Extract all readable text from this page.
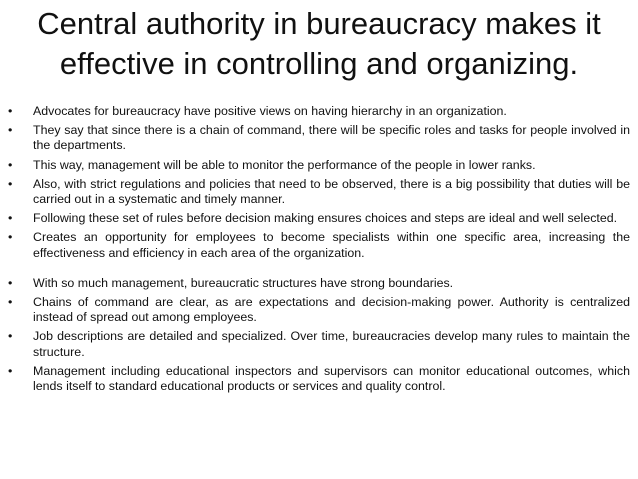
Central authority in bureaucracy makes it
effective in controlling and organizing.
•	Advocates for bureaucracy have positive views on having hierarchy in an organization.
•	They say that since there is a chain of command, there will be specific roles and tasks for people involved in the departments.
•	This way, management will be able to monitor the performance of the people in lower ranks.
•	Also, with strict regulations and policies that need to be observed, there is a big possibility that duties will be carried out in a systematic and timely manner.
•	Following these set of rules before decision making ensures choices and steps are ideal and well selected.
•	Creates an opportunity for employees to become specialists within one specific area, increasing the effectiveness and efficiency in each area of the organization.
•	With so much management, bureaucratic structures have strong boundaries.
•	Chains of command are clear, as are expectations and decision-making power. Authority is centralized instead of spread out among employees.
•	Job descriptions are detailed and specialized. Over time, bureaucracies develop many rules to maintain the structure.
•	Management including educational inspectors and supervisors can monitor educational outcomes, which lends itself to standard educational products or services and quality control.
